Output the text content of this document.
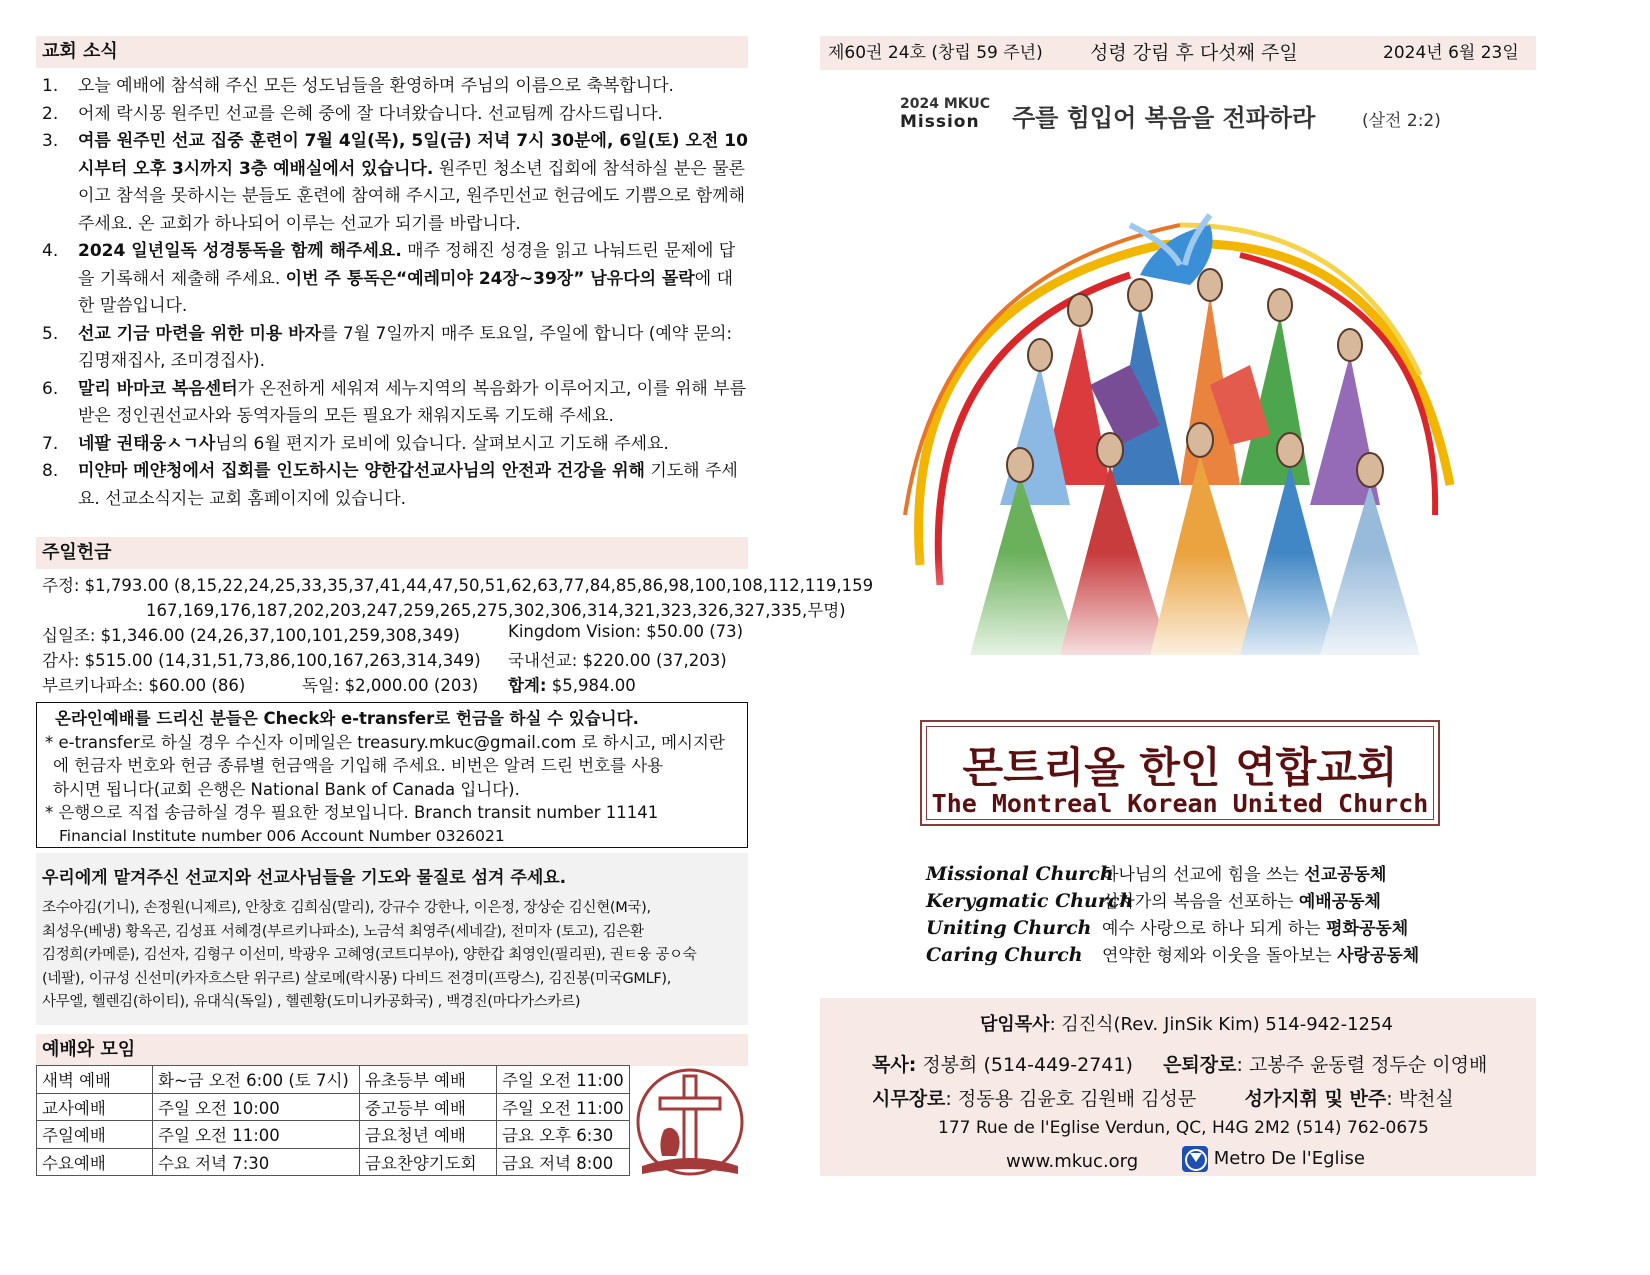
교회 소식
1. 오늘 예배에 참석해 주신 모든 성도님들을 환영하며 주님의 이름으로 축복합니다.
2. 어제 락시몽 원주민 선교를 은혜 중에 잘 다녀왔습니다. 선교팀께 감사드립니다.
3. 여름 원주민 선교 집중 훈련이 7월 4일(목), 5일(금) 저녁 7시 30분에, 6일(토) 오전 10시부터 오후 3시까지 3층 예배실에서 있습니다. 원주민 청소년 집회에 참석하실 분은 물론이고 참석을 못하시는 분들도 훈련에 참여해 주시고, 원주민선교 헌금에도 기쁨으로 함께해 주세요. 온 교회가 하나되어 이루는 선교가 되기를 바랍니다.
4. 2024 일년일독 성경통독을 함께 해주세요. 매주 정해진 성경을 읽고 나눠드린 문제에 답을 기록해서 제출해 주세요. 이번 주 통독은“예레미야 24장~39장” 남유다의 몰락에 대한 말씀입니다.
5. 선교 기금 마련을 위한 미용 바자를 7월 7일까지 매주 토요일, 주일에 합니다 (예약 문의: 김명재집사, 조미경집사).
6. 말리 바마코 복음센터가 온전하게 세워져 세누지역의 복음화가 이루어지고, 이를 위해 부름받은 정인권선교사와 동역자들의 모든 필요가 채워지도록 기도해 주세요.
7. 네팔 권태웅ㅅㄱ사님의 6월 편지가 로비에 있습니다. 살펴보시고 기도해 주세요.
8. 미얀마 메얀청에서 집회를 인도하시는 양한갑선교사님의 안전과 건강을 위해 기도해 주세요. 선교소식지는 교회 홈페이지에 있습니다.
주일헌금
주정: $1,793.00 (8,15,22,24,25,33,35,37,41,44,47,50,51,62,63,77,84,85,86,98,100,108,112,119,159
167,169,176,187,202,203,247,259,265,275,302,306,314,321,323,326,327,335,무명)
십일조: $1,346.00 (24,26,37,100,101,259,308,349)	Kingdom Vision: $50.00 (73)
감사: $515.00 (14,31,51,73,86,100,167,263,314,349) 국내선교: $220.00 (37,203)
부르키나파소: $60.00 (86)	독일: $2,000.00 (203) 합계: $5,984.00
온라인예배를 드리신 분들은 Check와 e-transfer로 헌금을 하실 수 있습니다.
* e-transfer로 하실 경우 수신자 이메일은 treasury.mkuc@gmail.com 로 하시고, 메시지란
에 헌금자 번호와 헌금 종류별 헌금액을 기입해 주세요. 비번은 알려 드린 번호를 사용
하시면 됩니다(교회 은행은 National Bank of Canada 입니다).
* 은행으로 직접 송금하실 경우 필요한 정보입니다. Branch transit number 11141
Financial Institute number 006 Account Number 0326021
우리에게 맡겨주신 선교지와 선교사님들을 기도와 물질로 섬겨 주세요.
조수아김(기니), 손정원(니제르), 안창호 김희심(말리), 강규수 강한나, 이은정, 장상순 김신현(M국),
최성우(베냉) 황옥곤, 김성표 서혜경(부르키나파소), 노금석 최영주(세네갈), 전미자 (토고), 김은환
김정희(카메룬), 김선자, 김형구 이선미, 박광우 고혜영(코트디부아), 양한갑 최영인(필리핀), 권ㅌ웅 공ㅇ숙
(네팔), 이규성 신선미(카자흐스탄 위구르) 살로메(락시몽) 다비드 전경미(프랑스), 김진봉(미국GMLF),
사무엘, 헬렌김(하이티), 유대식(독일) , 헬렌황(도미니카공화국) , 백경진(마다가스카르)
예배와 모임
새벽 예배	화~금 오전 6:00 (토 7시)	유초등부 예배	주일 오전 11:00
교사예배	주일 오전 10:00	중고등부 예배	주일 오전 11:00
주일예배	주일 오전 11:00	금요청년 예배	금요 오후 6:30
수요예배	수요 저녁 7:30	금요찬양기도회	금요 저녁 8:00
제60권 24호 (창립 59 주년) 성령 강림 후 다섯째 주일	2024년 6월 23일
2024 MKUC
Mission 주를 힘입어 복음을 전파하라	(살전 2:2)
몬트리올 한인 연합교회
The Montreal Korean United Church
Missional Church하나님의 선교에 힘을 쓰는 선교공동체
Kerygmatic Church십자가의 복음을 선포하는 예배공동체
Uniting Church 예수 사랑으로 하나 되게 하는 평화공동체
Caring Church 연약한 형제와 이웃을 돌아보는 사랑공동체
담임목사: 김진식(Rev. JinSik Kim) 514-942-1254
목사: 정봉희 (514-449-2741) 은퇴장로: 고봉주 윤동렬 정두순 이영배
시무장로: 정동용 김윤호 김원배 김성문	성가지휘 및 반주: 박천실
177 Rue de l'Eglise Verdun, QC, H4G 2M2 (514) 762-0675
www.mkuc.org	Metro De l'Eglise
